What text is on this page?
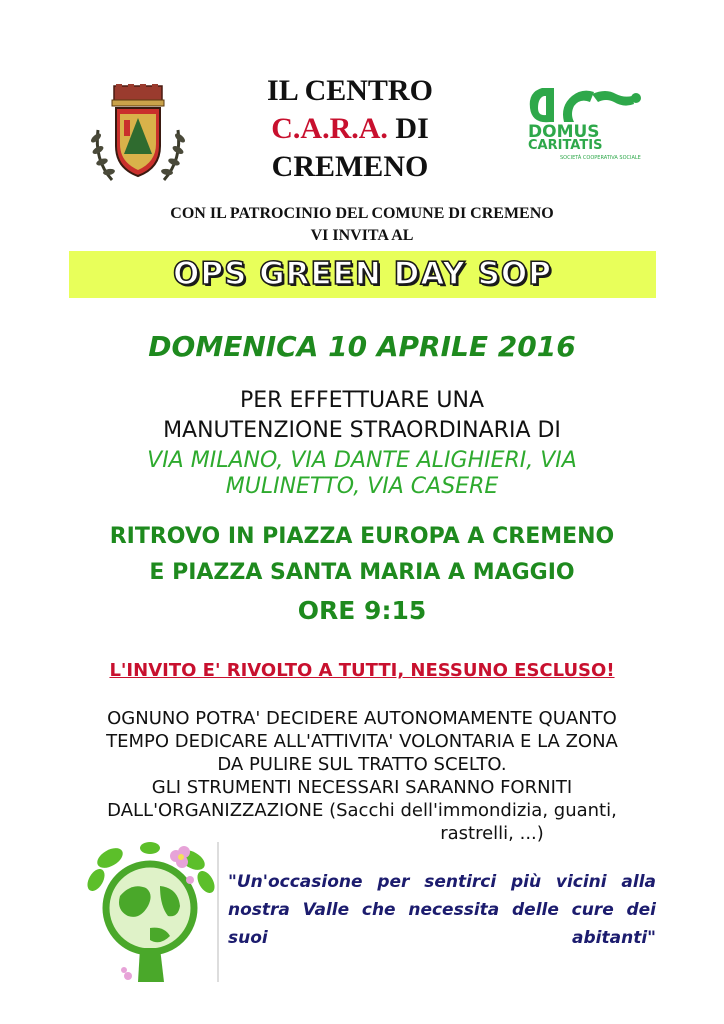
IL CENTRO
C.A.R.A. DI
CREMENO
DOMUS
CARITATIS
SOCIETÀ COOPERATIVA SOCIALE
CON IL PATROCINIO DEL COMUNE DI CREMENO
VI INVITA AL
OPS GREEN DAY SOP
DOMENICA 10 APRILE 2016
PER EFFETTUARE UNA
MANUTENZIONE STRAORDINARIA DI
VIA MILANO, VIA DANTE ALIGHIERI, VIA
MULINETTO, VIA CASERE
RITROVO IN PIAZZA EUROPA A CREMENO
E PIAZZA SANTA MARIA A MAGGIO
ORE 9:15
L'INVITO E' RIVOLTO A TUTTI, NESSUNO ESCLUSO!
OGNUNO POTRA' DECIDERE AUTONOMAMENTE QUANTO
TEMPO DEDICARE ALL'ATTIVITA' VOLONTARIA E LA ZONA
DA PULIRE SUL TRATTO SCELTO.
GLI STRUMENTI NECESSARI SARANNO FORNITI
DALL'ORGANIZZAZIONE (Sacchi dell'immondizia, guanti,
rastrelli, ...)
"Un'occasione per sentirci più vicini alla nostra Valle che necessita delle cure dei suoi abitanti"
